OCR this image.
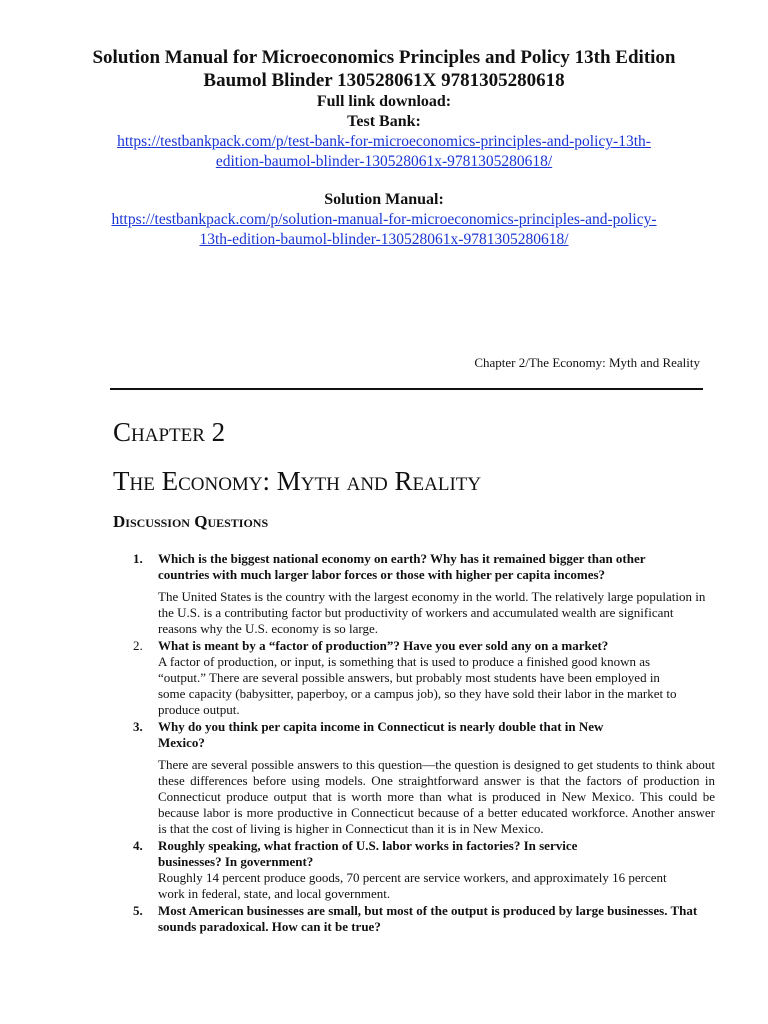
Solution Manual for Microeconomics Principles and Policy 13th Edition

Baumol Blinder 130528061X 9781305280618

Full link download:

Test Bank:

https://testbankpack.com/p/test-bank-for-microeconomics-principles-and-policy-13th-
edition-baumol-blinder-130528061x-9781305280618/

Solution Manual:

https://testbankpack.com/p/solution-manual-for-microeconomics-principles-and-policy-
13th-edition-baumol-blinder-130528061x-9781305280618/
Chapter 2/The Economy: Myth and Reality
Chapter 2
The Economy: Myth and Reality
Discussion Questions
1.	Which is the biggest national economy on earth? Why has it remained bigger than other countries with much larger labor forces or those with higher per capita incomes?
The United States is the country with the largest economy in the world. The relatively large population in the U.S. is a contributing factor but productivity of workers and accumulated wealth are significant reasons why the U.S. economy is so large.
2.	What is meant by a “factor of production”? Have you ever sold any on a market?
A factor of production, or input, is something that is used to produce a finished good known as “output.” There are several possible answers, but probably most students have been employed in some capacity (babysitter, paperboy, or a campus job), so they have sold their labor in the market to produce output.
3.	Why do you think per capita income in Connecticut is nearly double that in New Mexico?
There are several possible answers to this question—the question is designed to get students to think about these differences before using models. One straightforward answer is that the factors of production in Connecticut produce output that is worth more than what is produced in New Mexico. This could be because labor is more productive in Connecticut because of a better educated workforce. Another answer is that the cost of living is higher in Connecticut than it is in New Mexico.
4.	Roughly speaking, what fraction of U.S. labor works in factories? In service businesses? In government?
Roughly 14 percent produce goods, 70 percent are service workers, and approximately 16 percent work in federal, state, and local government.
5.	Most American businesses are small, but most of the output is produced by large businesses. That sounds paradoxical. How can it be true?
